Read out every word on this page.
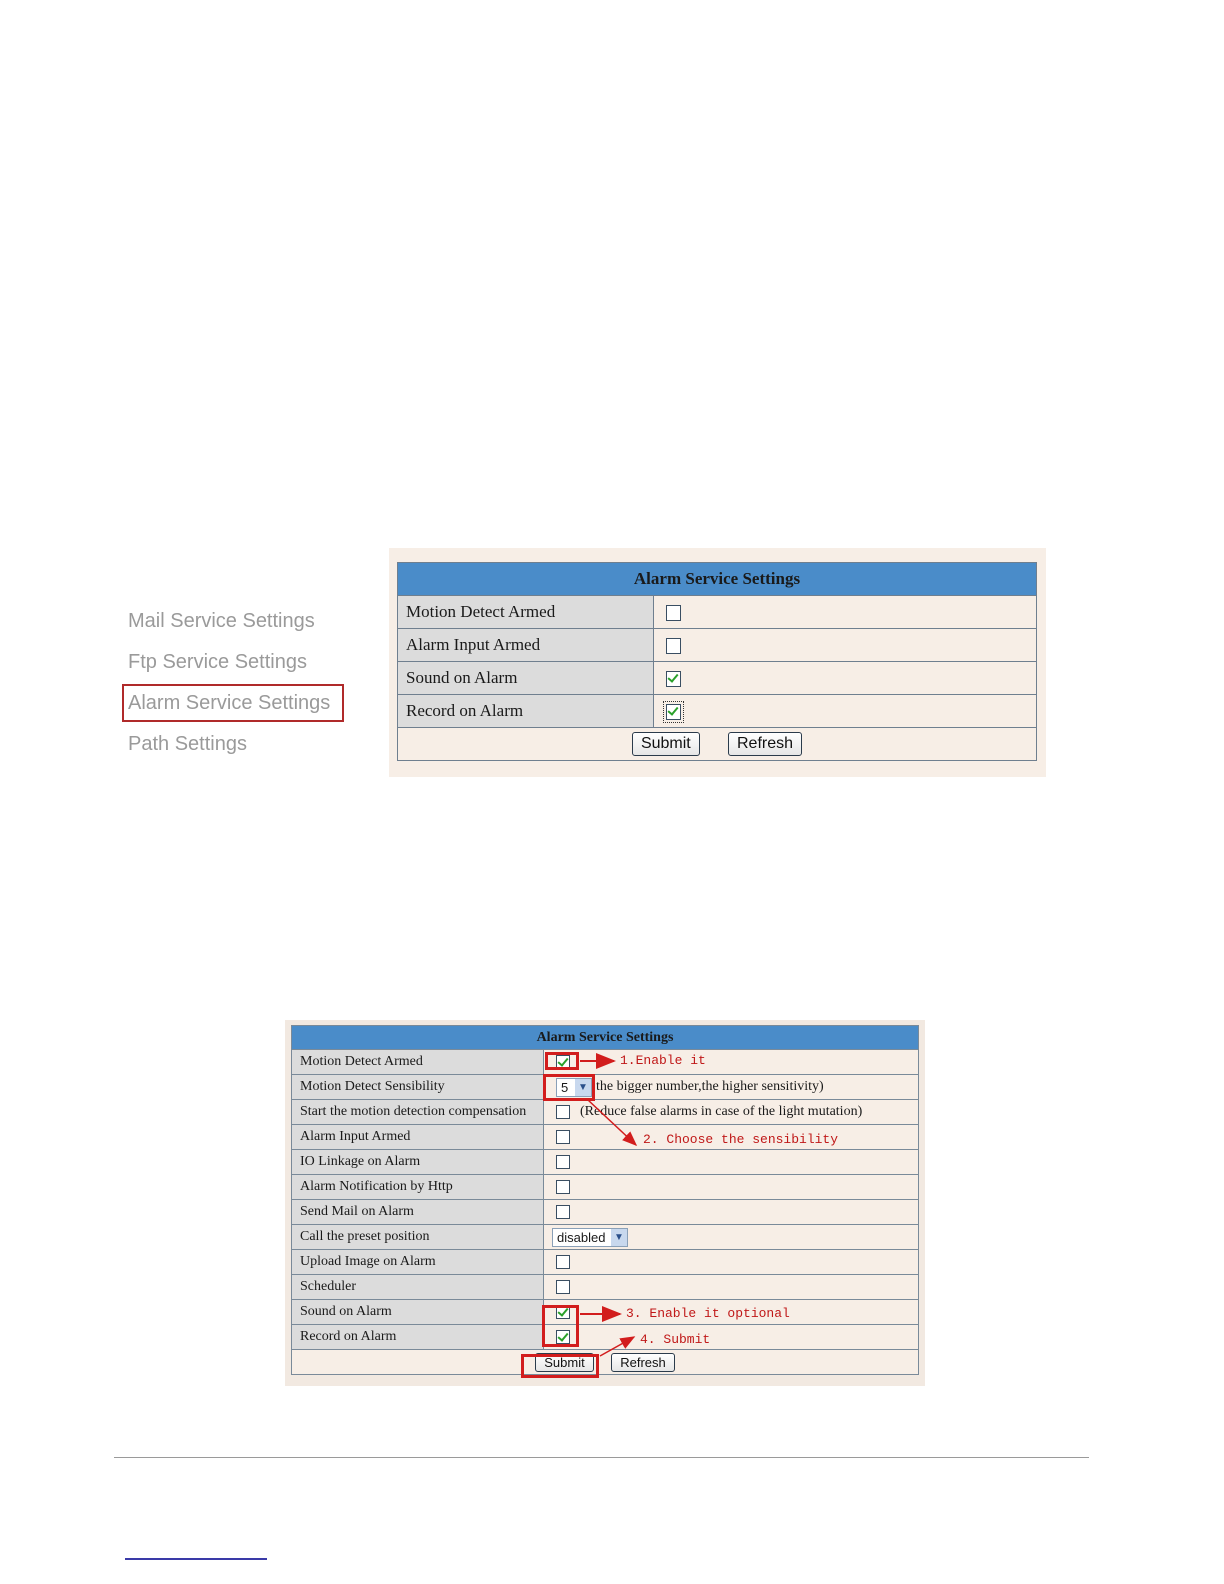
Mail Service Settings
Ftp Service Settings
Alarm Service Settings
Path Settings
Alarm Service Settings	
Motion Detect Armed	
Alarm Input Armed	
Sound on Alarm	
Record on Alarm	
Submit Refresh	
Alarm Service Settings	
Motion Detect Armed	
Motion Detect Sensibility	5 ▼ the bigger number,the higher sensitivity)
Start the motion detection compensation	(Reduce false alarms in case of the light mutation)
Alarm Input Armed	
IO Linkage on Alarm	
Alarm Notification by Http	
Send Mail on Alarm	
Call the preset position	disabled ▼

Upload Image on Alarm	
Scheduler	
Sound on Alarm	
Record on Alarm	
Submit Refresh	
1.Enable it
2. Choose the sensibility
3. Enable it optional
4. Submit
